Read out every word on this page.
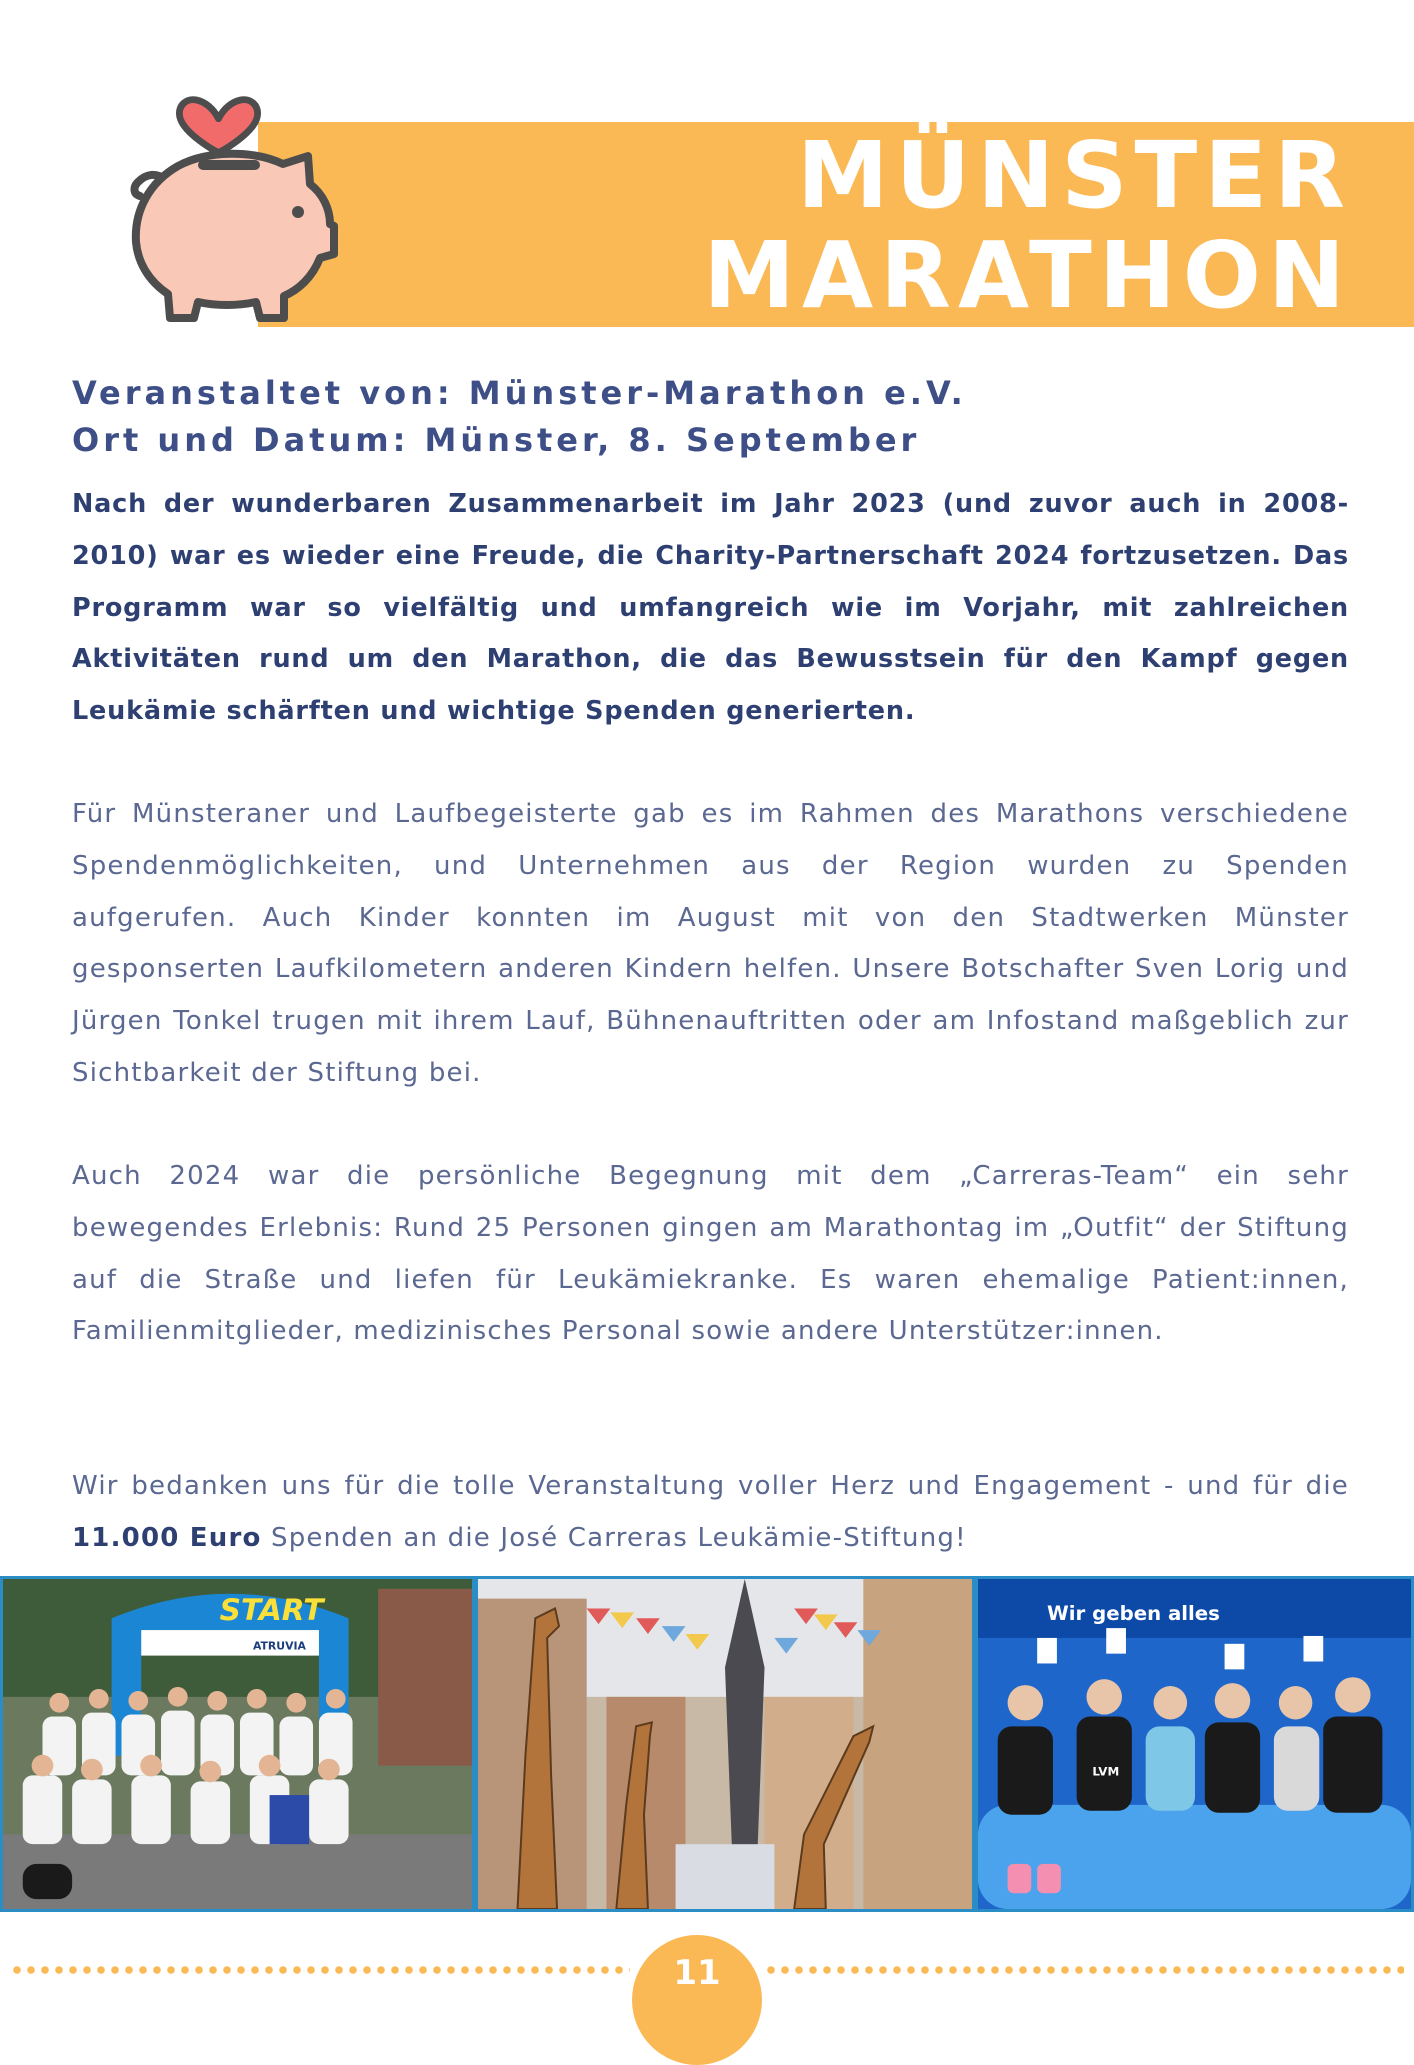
MÜNSTER
MARATHON
Veranstaltet von: Münster-Marathon e.V.
Ort und Datum: Münster, 8. September

Nach der wunderbaren Zusammenarbeit im Jahr 2023 (und zuvor auch in 2008-2010) war es wieder eine Freude, die Charity-Partnerschaft 2024 fortzusetzen. Das Programm war so vielfältig und umfangreich wie im Vorjahr, mit zahlreichen Aktivitäten rund um den Marathon, die das Bewusstsein für den Kampf gegen Leukämie schärften und wichtige Spenden generierten.

Für Münsteraner und Laufbegeisterte gab es im Rahmen des Marathons verschiedene Spendenmöglichkeiten, und Unternehmen aus der Region wurden zu Spenden aufgerufen. Auch Kinder konnten im August mit von den Stadtwerken Münster gesponserten Laufkilometern anderen Kindern helfen. Unsere Botschafter Sven Lorig und Jürgen Tonkel trugen mit ihrem Lauf, Bühnenauftritten oder am Infostand maßgeblich zur Sichtbarkeit der Stiftung bei.

Auch 2024 war die persönliche Begegnung mit dem „Carreras-Team“ ein sehr bewegendes Erlebnis: Rund 25 Personen gingen am Marathontag im „Outfit“ der Stiftung auf die Straße und liefen für Leukämiekranke. Es waren ehemalige Patient:innen, Familienmitglieder, medizinisches Personal sowie andere Unterstützer:innen.

Wir bedanken uns für die tolle Veranstaltung voller Herz und Engagement - und für die 11.000 Euro Spenden an die José Carreras Leukämie-Stiftung!

START
ATRUVIA
Wir geben alles
LVM
11
